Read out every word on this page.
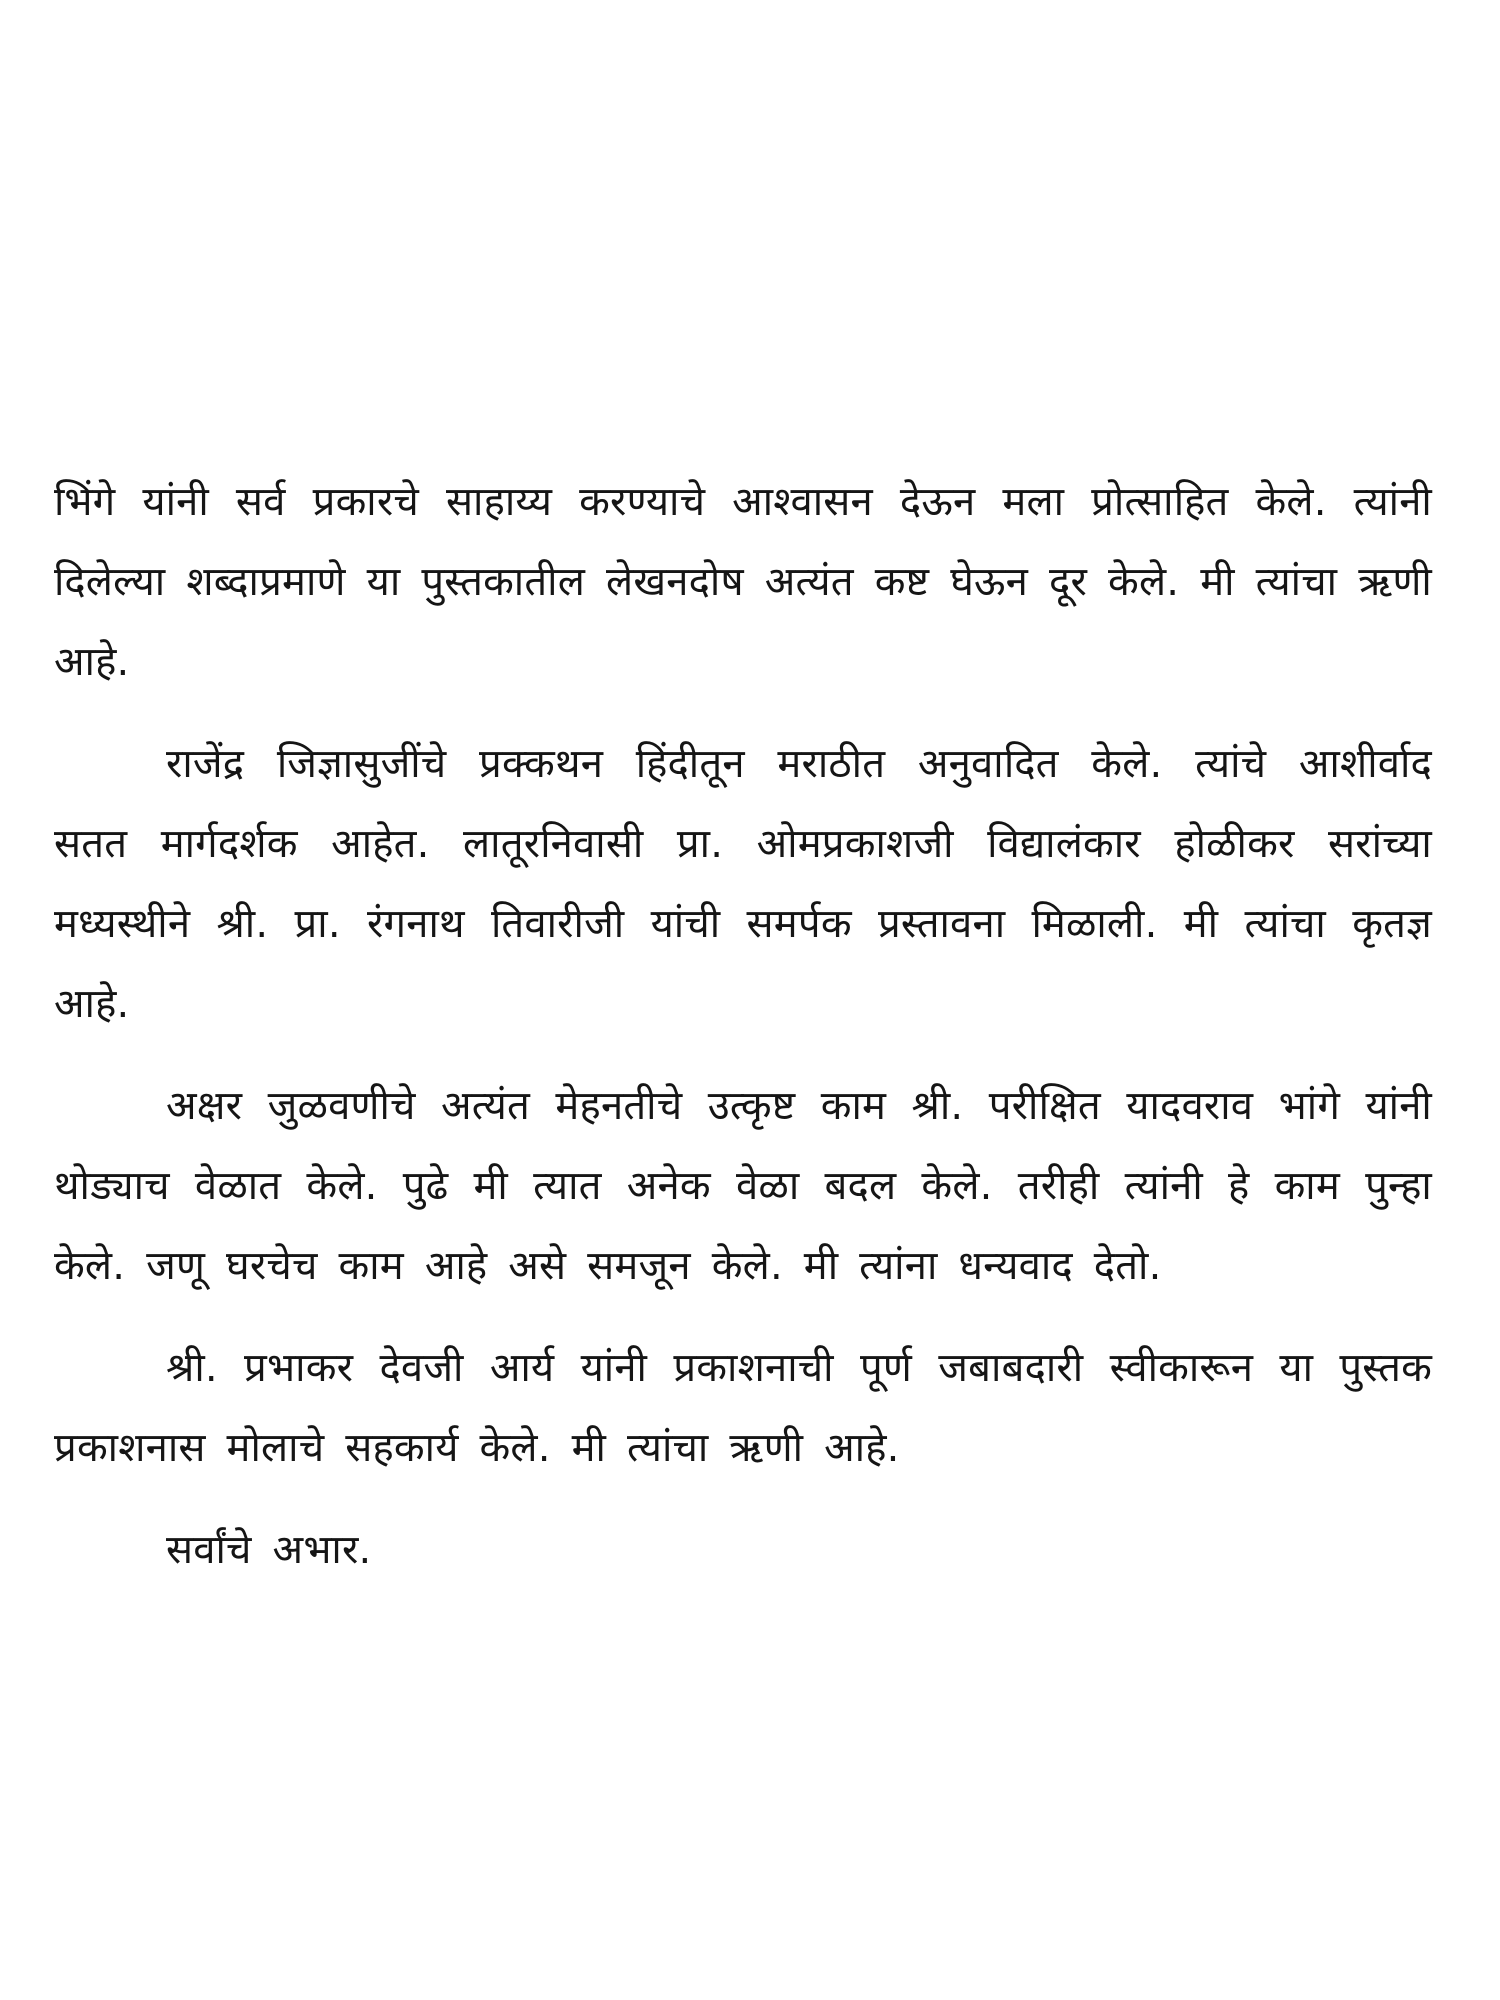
भिंगे यांनी सर्व प्रकारचे साहाय्य करण्याचे आश्वासन देऊन मला प्रोत्साहित केले. त्यांनी दिलेल्या शब्दाप्रमाणे या पुस्तकातील लेखनदोष अत्यंत कष्ट घेऊन दूर केले. मी त्यांचा ऋणी आहे.

राजेंद्र जिज्ञासुजींचे प्रक्कथन हिंदीतून मराठीत अनुवादित केले. त्यांचे आशीर्वाद सतत मार्गदर्शक आहेत. लातूरनिवासी प्रा. ओमप्रकाशजी विद्यालंकार होळीकर सरांच्या मध्यस्थीने श्री. प्रा. रंगनाथ तिवारीजी यांची समर्पक प्रस्तावना मिळाली. मी त्यांचा कृतज्ञ आहे.

अक्षर जुळवणीचे अत्यंत मेहनतीचे उत्कृष्ट काम श्री. परीक्षित यादवराव भांगे यांनी थोड्याच वेळात केले. पुढे मी त्यात अनेक वेळा बदल केले. तरीही त्यांनी हे काम पुन्हा केले. जणू घरचेच काम आहे असे समजून केले. मी त्यांना धन्यवाद देतो.

श्री. प्रभाकर देवजी आर्य यांनी प्रकाशनाची पूर्ण जबाबदारी स्वीकारून या पुस्तक प्रकाशनास मोलाचे सहकार्य केले. मी त्यांचा ऋणी आहे.

सर्वांचे अभार.
